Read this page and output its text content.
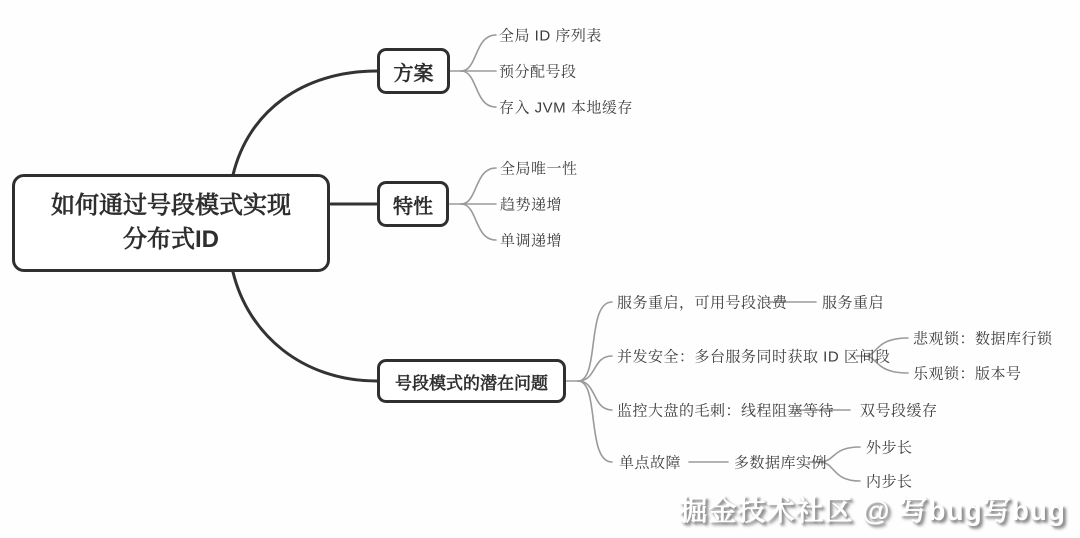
如何通过号段模式实现
分布式ID
方案
特性
号段模式的潜在问题
全局 ID 序列表
预分配号段
存入 JVM 本地缓存
全局唯一性
趋势递增
单调递增
服务重启，可用号段浪费 服务重启
并发安全：多台服务同时获取 ID 区间段
悲观锁：数据库行锁
乐观锁：版本号
监控大盘的毛刺：线程阻塞等待 双号段缓存
单点故障	多数据库实例
外步长
内步长
掘金技术社区 @ 写bug写bug
